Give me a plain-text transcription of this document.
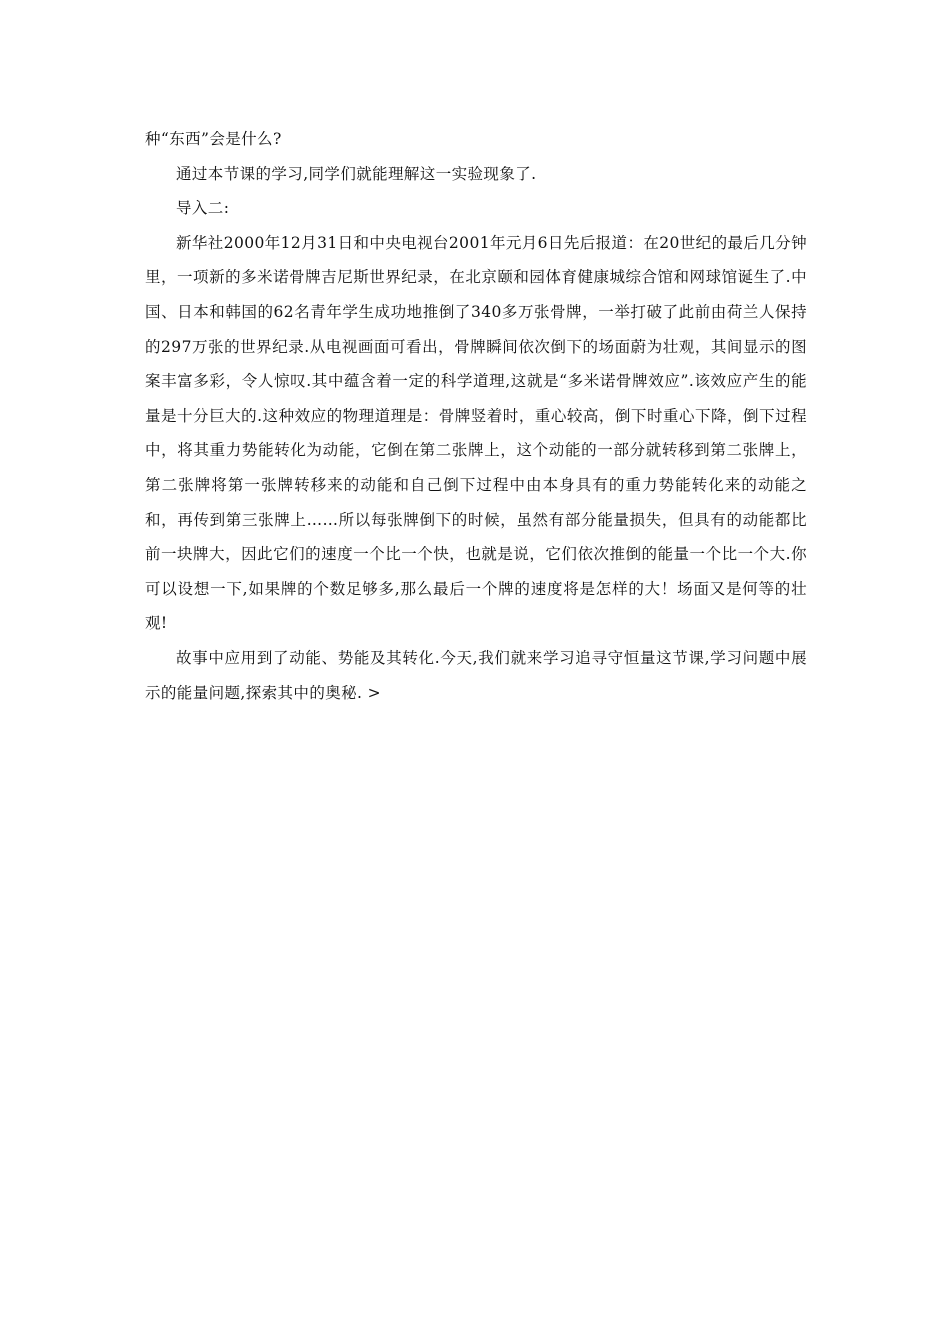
种“东西”会是什么?

通过本节课的学习,同学们就能理解这一实验现象了.

导入二:

新华社2000年12月31日和中央电视台2001年元月6日先后报道：在20世纪的最后几分钟里，一项新的多米诺骨牌吉尼斯世界纪录，在北京颐和园体育健康城综合馆和网球馆诞生了.中国、日本和韩国的62名青年学生成功地推倒了340多万张骨牌，一举打破了此前由荷兰人保持的297万张的世界纪录.从电视画面可看出，骨牌瞬间依次倒下的场面蔚为壮观，其间显示的图案丰富多彩，令人惊叹.其中蕴含着一定的科学道理,这就是“多米诺骨牌效应”.该效应产生的能量是十分巨大的.这种效应的物理道理是：骨牌竖着时，重心较高，倒下时重心下降，倒下过程中，将其重力势能转化为动能，它倒在第二张牌上，这个动能的一部分就转移到第二张牌上，第二张牌将第一张牌转移来的动能和自己倒下过程中由本身具有的重力势能转化来的动能之和，再传到第三张牌上……所以每张牌倒下的时候，虽然有部分能量损失，但具有的动能都比前一块牌大，因此它们的速度一个比一个快，也就是说，它们依次推倒的能量一个比一个大.你可以设想一下,如果牌的个数足够多,那么最后一个牌的速度将是怎样的大！场面又是何等的壮观!

故事中应用到了动能、势能及其转化.今天,我们就来学习追寻守恒量这节课,学习问题中展示的能量问题,探索其中的奥秘. >
